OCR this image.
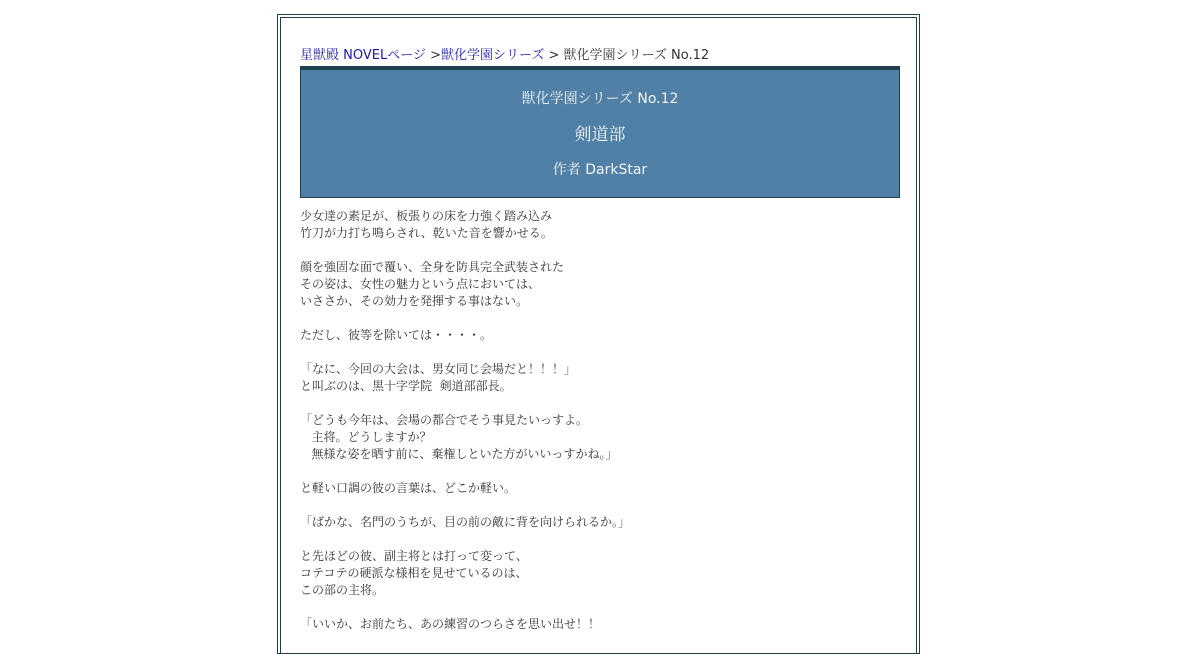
星獣殿 NOVELページ >獣化学園シリーズ > 獣化学園シリーズ No.12
獣化学園シリーズ No.12
剣道部
作者 DarkStar
少女達の素足が、板張りの床を力強く踏み込み
竹刀が力打ち鳴らされ、乾いた音を響かせる。
顔を強固な面で覆い、全身を防具完全武装された
その姿は、女性の魅力という点においては、
いささか、その効力を発揮する事はない。
ただし、彼等を除いては・・・・。
「なに、今回の大会は、男女同じ会場だと！！！」
と叫ぶのは、黒十字学院  剣道部部長。
「どうも今年は、会場の都合でそう事見たいっすよ。
主将。どうしますか？
無様な姿を晒す前に、棄権しといた方がいいっすかね。」
と軽い口調の彼の言葉は、どこか軽い。
「ばかな、名門のうちが、目の前の敵に背を向けられるか。」
と先ほどの彼、副主将とは打って変って、
コテコテの硬派な様相を見せているのは、
この部の主将。
「いいか、お前たち、あの練習のつらさを思い出せ！！
